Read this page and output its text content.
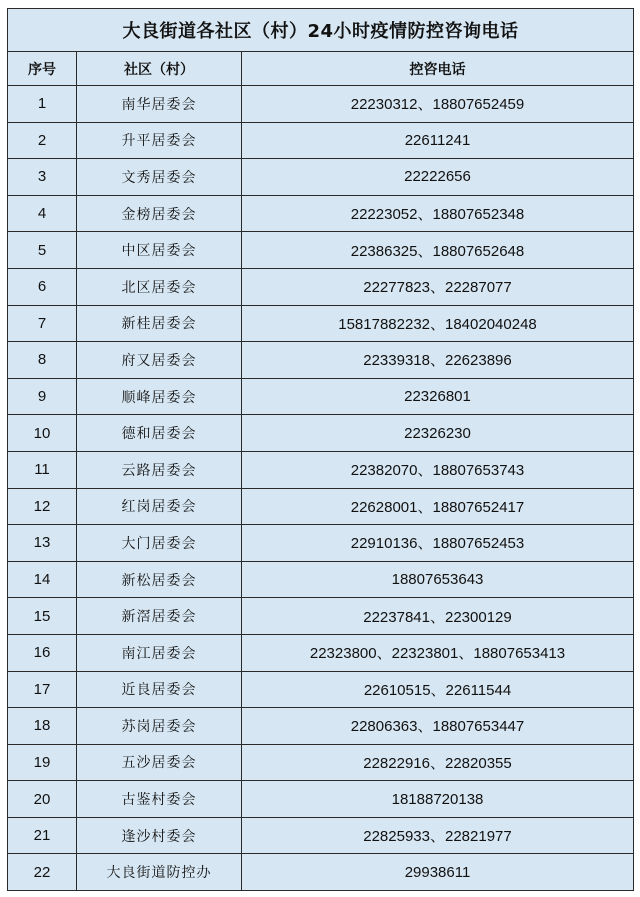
大良街道各社区（村）24小时疫情防控咨询电话		
序号	社区（村）	控咨电话
1	南华居委会	22230312、18807652459
2	升平居委会	22611241
3	文秀居委会	22222656
4	金榜居委会	22223052、18807652348
5	中区居委会	22386325、18807652648
6	北区居委会	22277823、22287077
7	新桂居委会	15817882232、18402040248
8	府又居委会	22339318、22623896
9	顺峰居委会	22326801
10	德和居委会	22326230
11	云路居委会	22382070、18807653743
12	红岗居委会	22628001、18807652417
13	大门居委会	22910136、18807652453
14	新松居委会	18807653643
15	新滘居委会	22237841、22300129
16	南江居委会	22323800、22323801、18807653413
17	近良居委会	22610515、22611544
18	苏岗居委会	22806363、18807653447
19	五沙居委会	22822916、22820355
20	古鉴村委会	18188720138
21	逢沙村委会	22825933、22821977
22	大良街道防控办	29938611
